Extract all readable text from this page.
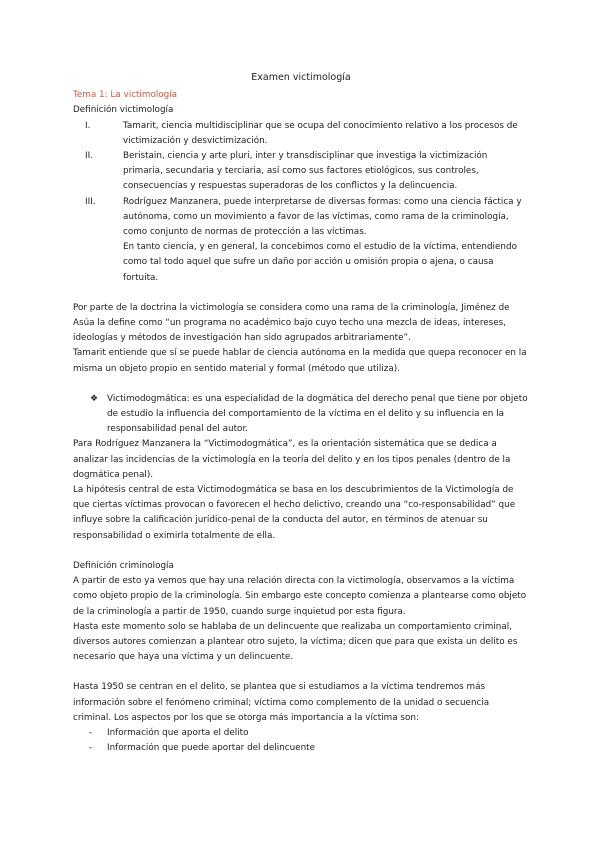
Examen victimología

Tema 1: La victimología

Definición victimología

I.	Tamarit, ciencia multidisciplinar que se ocupa del conocimiento relativo a los procesos de victimización y desvictimización.
II.	Beristain, ciencia y arte pluri, inter y transdisciplinar que investiga la victimización primaria, secundaria y terciaria, así como sus factores etiológicos, sus controles, consecuencias y respuestas superadoras de los conflictos y la delincuencia.
III.	Rodríguez Manzanera, puede interpretarse de diversas formas: como una ciencia fáctica y autónoma, como un movimiento a favor de las víctimas, como rama de la criminología, como conjunto de normas de protección a las víctimas.
En tanto ciencia, y en general, la concebimos como el estudio de la víctima, entendiendo como tal todo aquel que sufre un daño por acción u omisión propia o ajena, o causa fortuita.

Por parte de la doctrina la victimología se considera como una rama de la criminología, Jiménez de Asúa la define como “un programa no académico bajo cuyo techo una mezcla de ideas, intereses, ideologías y métodos de investigación han sido agrupados arbitrariamente”.

Tamarit entiende que sí se puede hablar de ciencia autónoma en la medida que quepa reconocer en la misma un objeto propio en sentido material y formal (método que utiliza).

❖ Victimodogmática: es una especialidad de la dogmática del derecho penal que tiene por objeto de estudio la influencia del comportamiento de la víctima en el delito y su influencia en la responsabilidad penal del autor.

Para Rodríguez Manzanera la “Victimodogmática”, es la orientación sistemática que se dedica a analizar las incidencias de la victimología en la teoría del delito y en los tipos penales (dentro de la dogmática penal).

La hipótesis central de esta Victimodogmática se basa en los descubrimientos de la Victimología de que ciertas víctimas provocan o favorecen el hecho delictivo, creando una “co-responsabilidad” que influye sobre la calificación jurídico-penal de la conducta del autor, en términos de atenuar su responsabilidad o eximirla totalmente de ella.

Definición criminología

A partir de esto ya vemos que hay una relación directa con la victimología, observamos a la víctima como objeto propio de la criminología. Sin embargo este concepto comienza a plantearse como objeto de la criminología a partir de 1950, cuando surge inquietud por esta figura.

Hasta este momento solo se hablaba de un delincuente que realizaba un comportamiento criminal, diversos autores comienzan a plantear otro sujeto, la víctima; dicen que para que exista un delito es necesario que haya una víctima y un delincuente.

Hasta 1950 se centran en el delito, se plantea que si estudiamos a la víctima tendremos más información sobre el fenómeno criminal; víctima como complemento de la unidad o secuencia criminal. Los aspectos por los que se otorga más importancia a la víctima son:

- Información que aporta el delito
- Información que puede aportar del delincuente
